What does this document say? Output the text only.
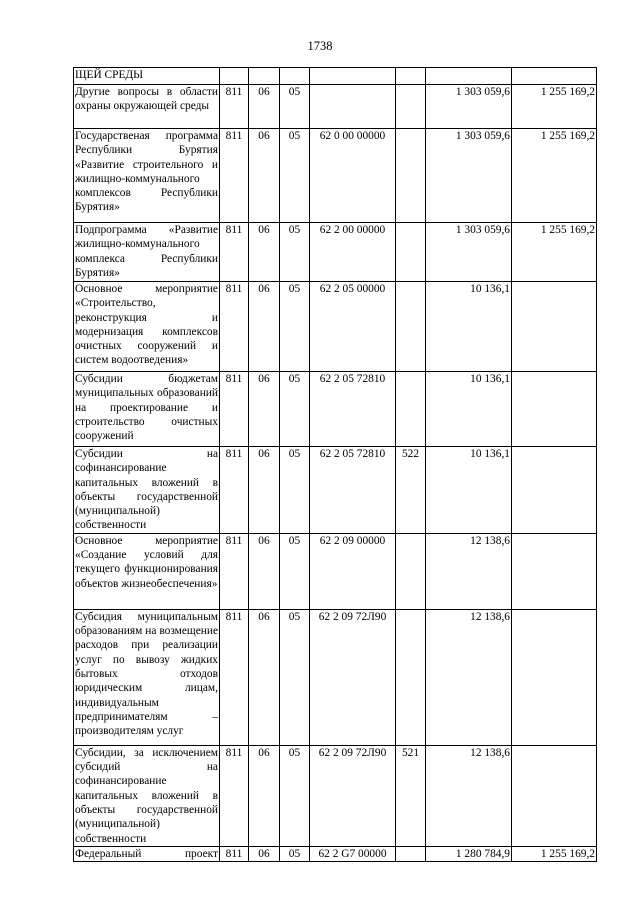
1738
ЩЕЙ СРЕДЫ							
Другие вопросы в области охраны окружающей среды	811	06	05			1 303 059,6	1 255 169,2
Государственая программа Республики Бурятия «Развитие строительного и жилищно-коммунального комплексов Республики Бурятия»	811	06	05	62 0 00 00000		1 303 059,6	1 255 169,2
Подпрограмма «Развитие жилищно-коммунального комплекса Республики Бурятия»	811	06	05	62 2 00 00000		1 303 059,6	1 255 169,2
Основное мероприятие «Строительство, реконструкция и модернизация комплексов очистных сооружений и систем водоотведения»	811	06	05	62 2 05 00000		10 136,1	
Субсидии бюджетам муниципальных образований на проектирование и строительство очистных сооружений	811	06	05	62 2 05 72810		10 136,1	
Субсидии на софинансирование капитальных вложений в объекты государственной (муниципальной) собственности	811	06	05	62 2 05 72810	522	10 136,1	
Основное мероприятие «Создание условий для текущего функционирования объектов жизнеобеспечения»	811	06	05	62 2 09 00000		12 138,6	
Субсидия муниципальным образованиям на возмещение расходов при реализации услуг по вывозу жидких бытовых отходов юридическим лицам, индивидуальным предпринимателям – производителям услуг	811	06	05	62 2 09 72Л90		12 138,6	
Субсидии, за исключением субсидий на софинансирование капитальных вложений в объекты государственной (муниципальной) собственности	811	06	05	62 2 09 72Л90	521	12 138,6	
Федеральный проект	811	06	05	62 2 G7 00000		1 280 784,9	1 255 169,2
